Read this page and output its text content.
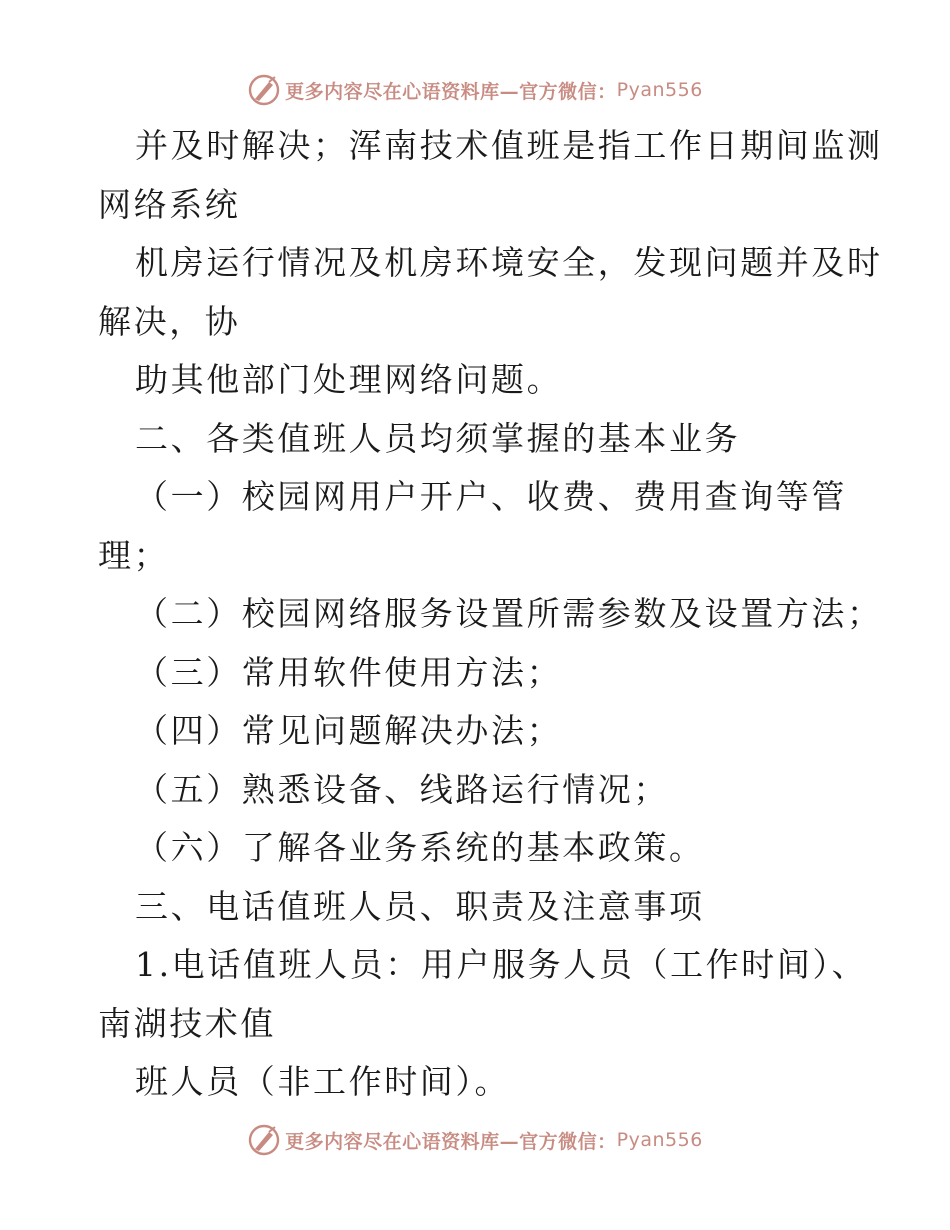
更多内容尽在心语资料库—官方微信： Pyan556
并及时解决；浑南技术值班是指工作日期间监测
网络系统
机房运行情况及机房环境安全，发现问题并及时
解决，协
助其他部门处理网络问题。
二、各类值班人员均须掌握的基本业务
（一）校园网用户开户、收费、费用查询等管
理；
（二）校园网络服务设置所需参数及设置方法；
（三）常用软件使用方法；
（四）常见问题解决办法；
（五）熟悉设备、线路运行情况；
（六）了解各业务系统的基本政策。
三、电话值班人员、职责及注意事项
1.电话值班人员：用户服务人员（工作时间）、
南湖技术值
班人员（非工作时间）。
更多内容尽在心语资料库—官方微信： Pyan556
